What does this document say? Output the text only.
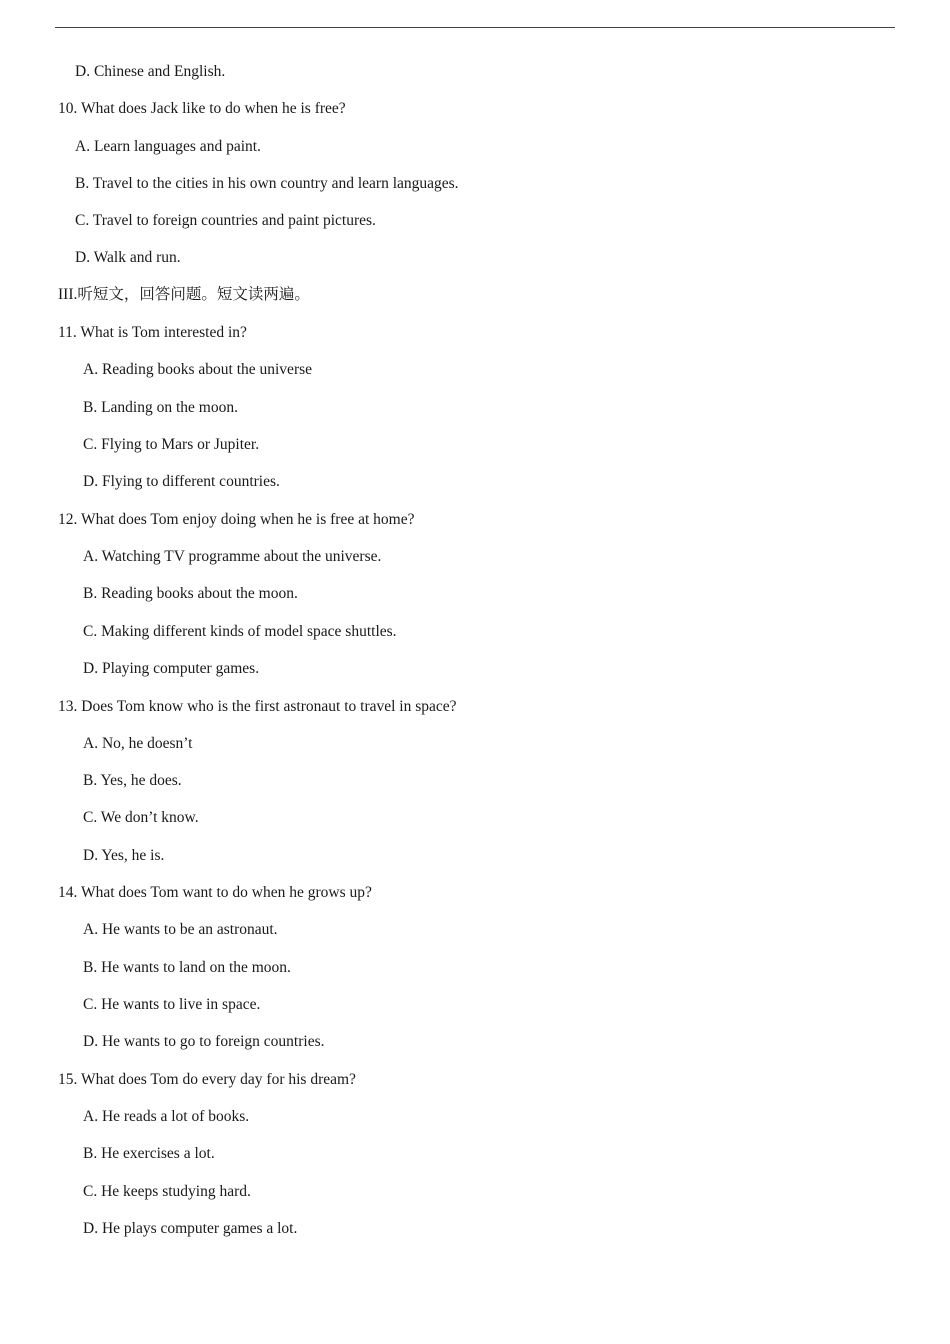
D. Chinese and English.
10. What does Jack like to do when he is free?
A. Learn languages and paint.
B. Travel to the cities in his own country and learn languages.
C. Travel to foreign countries and paint pictures.
D. Walk and run.
III.听短文，回答问题。短文读两遍。
11. What is Tom interested in?
A. Reading books about the universe
B. Landing on the moon.
C. Flying to Mars or Jupiter.
D. Flying to different countries.
12. What does Tom enjoy doing when he is free at home?
A. Watching TV programme about the universe.
B. Reading books about the moon.
C. Making different kinds of model space shuttles.
D. Playing computer games.
13. Does Tom know who is the first astronaut to travel in space?
A. No, he doesn’t
B. Yes, he does.
C. We don’t know.
D. Yes, he is.
14. What does Tom want to do when he grows up?
A. He wants to be an astronaut.
B. He wants to land on the moon.
C. He wants to live in space.
D. He wants to go to foreign countries.
15. What does Tom do every day for his dream?
A. He reads a lot of books.
B. He exercises a lot.
C. He keeps studying hard.
D. He plays computer games a lot.
